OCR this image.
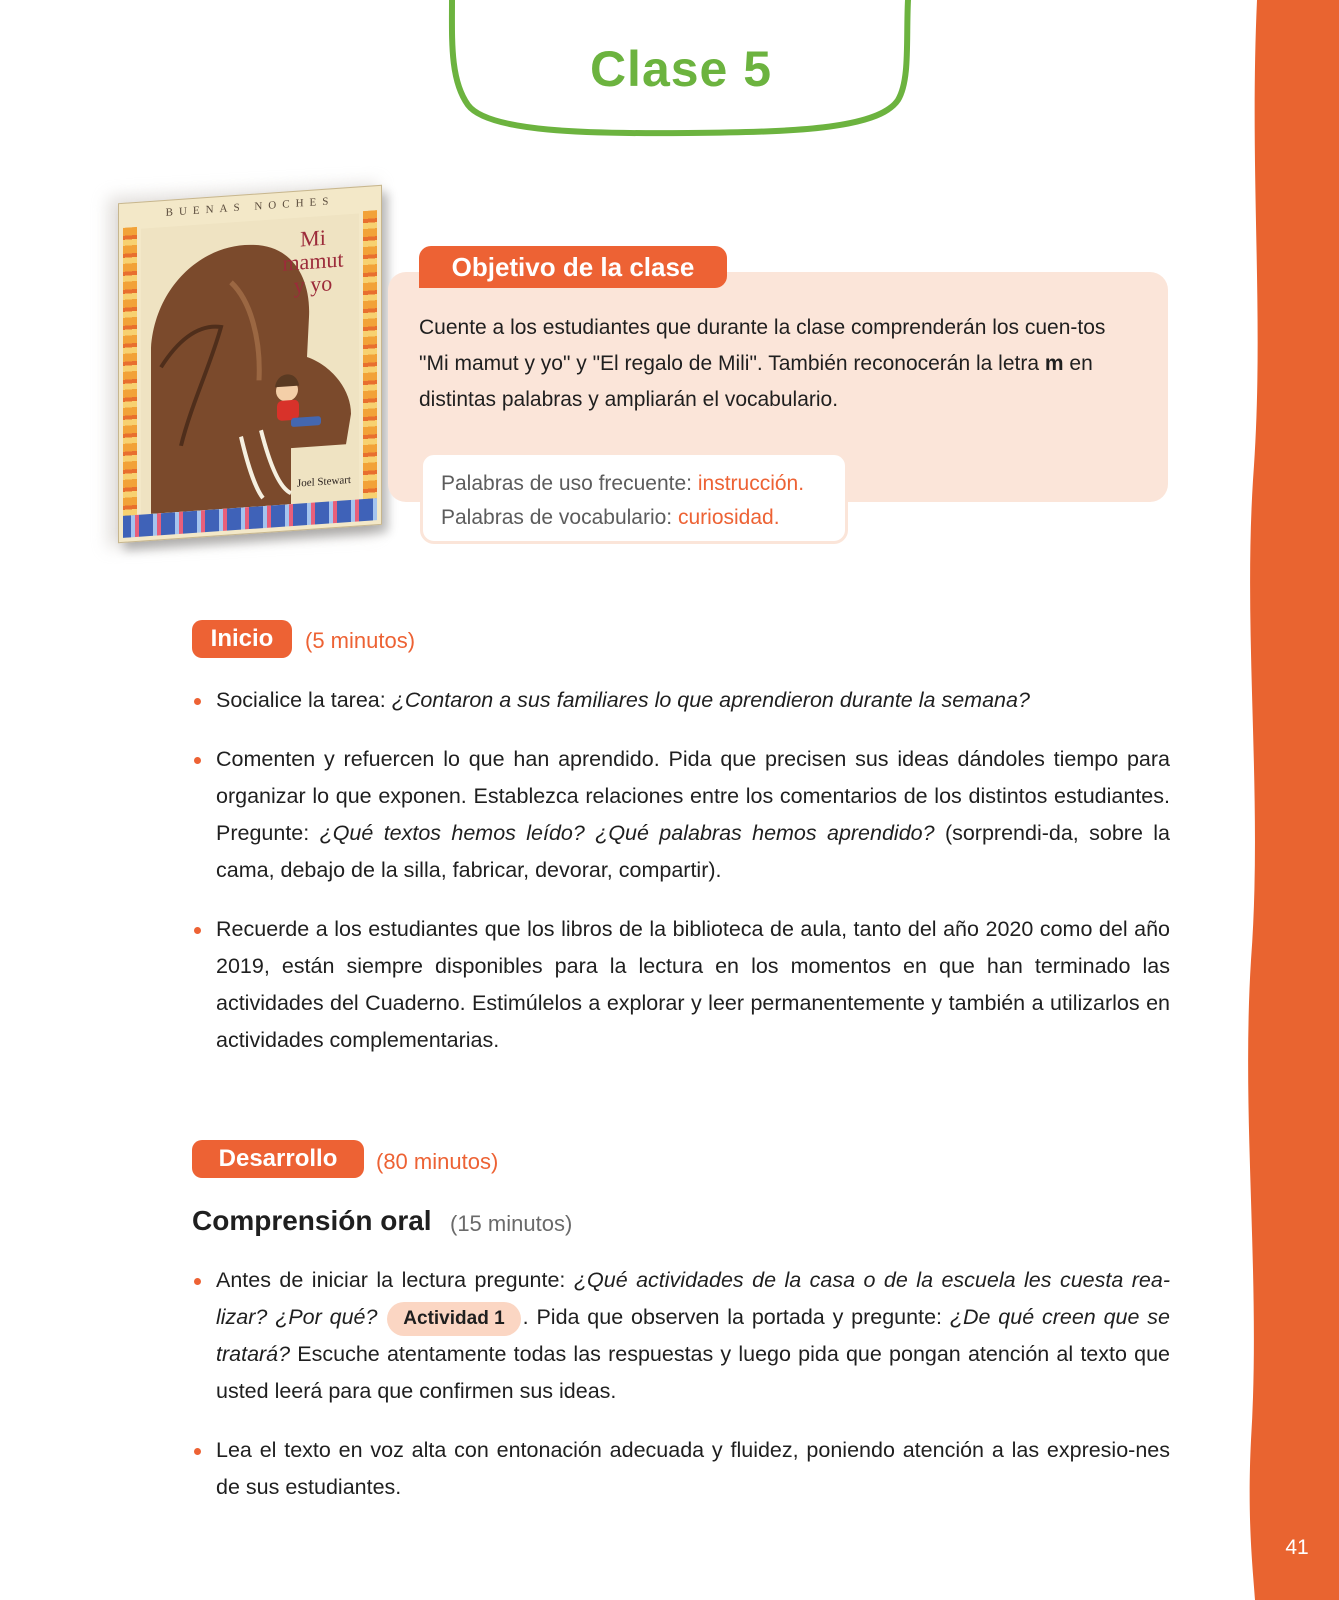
41
Clase 5
BUENAS NOCHES
Mi
mamut
y yo
Joel Stewart
Objetivo de la clase
Cuente a los estudiantes que durante la clase comprenderán los cuen-tos "Mi mamut y yo" y "El regalo de Mili". También reconocerán la letra m en distintas palabras y ampliarán el vocabulario.
Palabras de uso frecuente: instrucción.
Palabras de vocabulario: curiosidad.
Inicio	(5 minutos)
Socialice la tarea: ¿Contaron a sus familiares lo que aprendieron durante la semana?
Comenten y refuercen lo que han aprendido. Pida que precisen sus ideas dándoles tiempo para organizar lo que exponen. Establezca relaciones entre los comentarios de los distintos estudiantes. Pregunte: ¿Qué textos hemos leído? ¿Qué palabras hemos aprendido? (sorprendi-da, sobre la cama, debajo de la silla, fabricar, devorar, compartir).
Recuerde a los estudiantes que los libros de la biblioteca de aula, tanto del año 2020 como del año 2019, están siempre disponibles para la lectura en los momentos en que han terminado las actividades del Cuaderno. Estimúlelos a explorar y leer permanentemente y también a utilizarlos en actividades complementarias.
Desarrollo	(80 minutos)
Comprensión oral (15 minutos)
Antes de iniciar la lectura pregunte: ¿Qué actividades de la casa o de la escuela les cuesta rea-lizar? ¿Por qué? Actividad 1 . Pida que observen la portada y pregunte: ¿De qué creen que se tratará? Escuche atentamente todas las respuestas y luego pida que pongan atención al texto que usted leerá para que confirmen sus ideas.
Lea el texto en voz alta con entonación adecuada y fluidez, poniendo atención a las expresio-nes de sus estudiantes.
